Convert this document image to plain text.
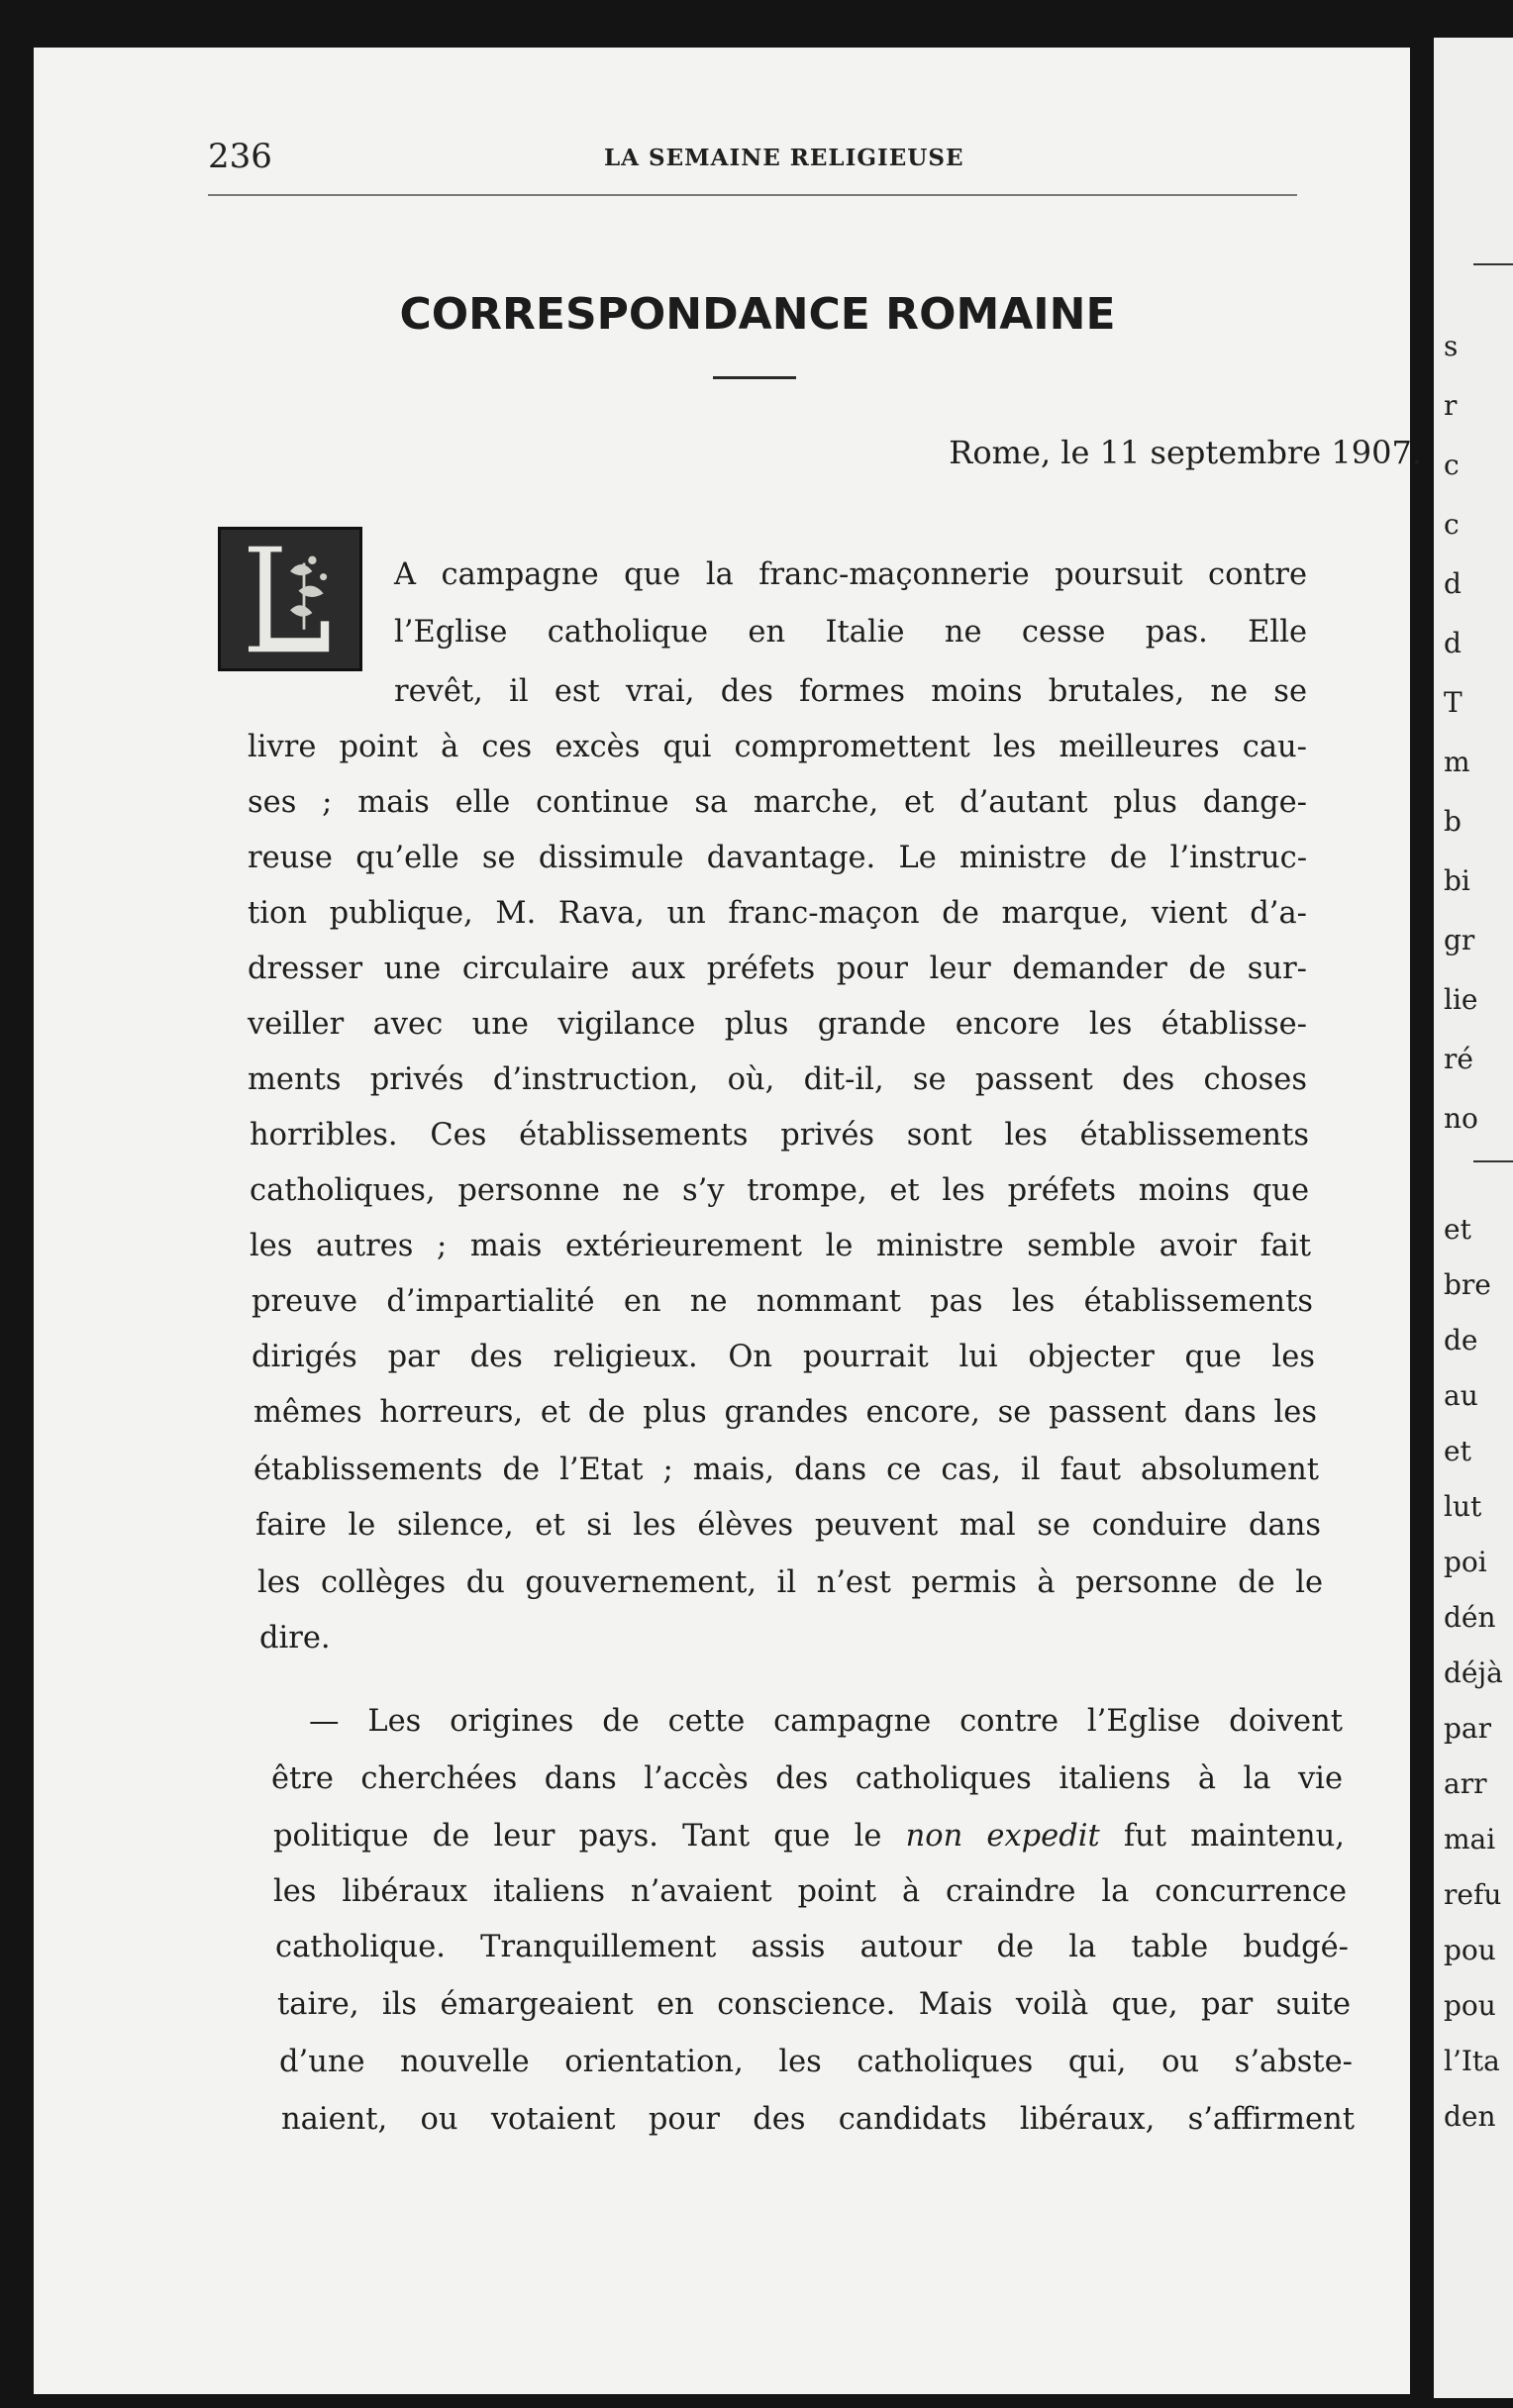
s
r
c
c
d
d
T
m
b
bi
gr
lie
ré
no
et
bre
de
au
et
lut
poi
dén
déjà
par
arr
mai
refu
pou
pou
l’Ita
den
236	LA SEMAINE RELIGIEUSE
CORRESPONDANCE ROMAINE
Rome, le 11 septembre 1907.
A campagne que la franc-maçonnerie poursuit contre
l’Eglise catholique en Italie ne cesse pas. Elle
revêt, il est vrai, des formes moins brutales, ne se
livre point à ces excès qui compromettent les meilleures cau-
ses ; mais elle continue sa marche, et d’autant plus dange-
reuse qu’elle se dissimule davantage. Le ministre de l’instruc-
tion publique, M. Rava, un franc-maçon de marque, vient d’a-
dresser une circulaire aux préfets pour leur demander de sur-
veiller avec une vigilance plus grande encore les établisse-
ments privés d’instruction, où, dit-il, se passent des choses
horribles. Ces établissements privés sont les établissements
catholiques, personne ne s’y trompe, et les préfets moins que
les autres ; mais extérieurement le ministre semble avoir fait
preuve d’impartialité en ne nommant pas les établissements
dirigés par des religieux. On pourrait lui objecter que les
mêmes horreurs, et de plus grandes encore, se passent dans les
établissements de l’Etat ; mais, dans ce cas, il faut absolument
faire le silence, et si les élèves peuvent mal se conduire dans
les collèges du gouvernement, il n’est permis à personne de le
dire.
— Les origines de cette campagne contre l’Eglise doivent
être cherchées dans l’accès des catholiques italiens à la vie
politique de leur pays. Tant que le non expedit fut maintenu,
les libéraux italiens n’avaient point à craindre la concurrence
catholique. Tranquillement assis autour de la table budgé-
taire, ils émargeaient en conscience. Mais voilà que, par suite
d’une nouvelle orientation, les catholiques qui, ou s’abste-
naient, ou votaient pour des candidats libéraux, s’affirment
